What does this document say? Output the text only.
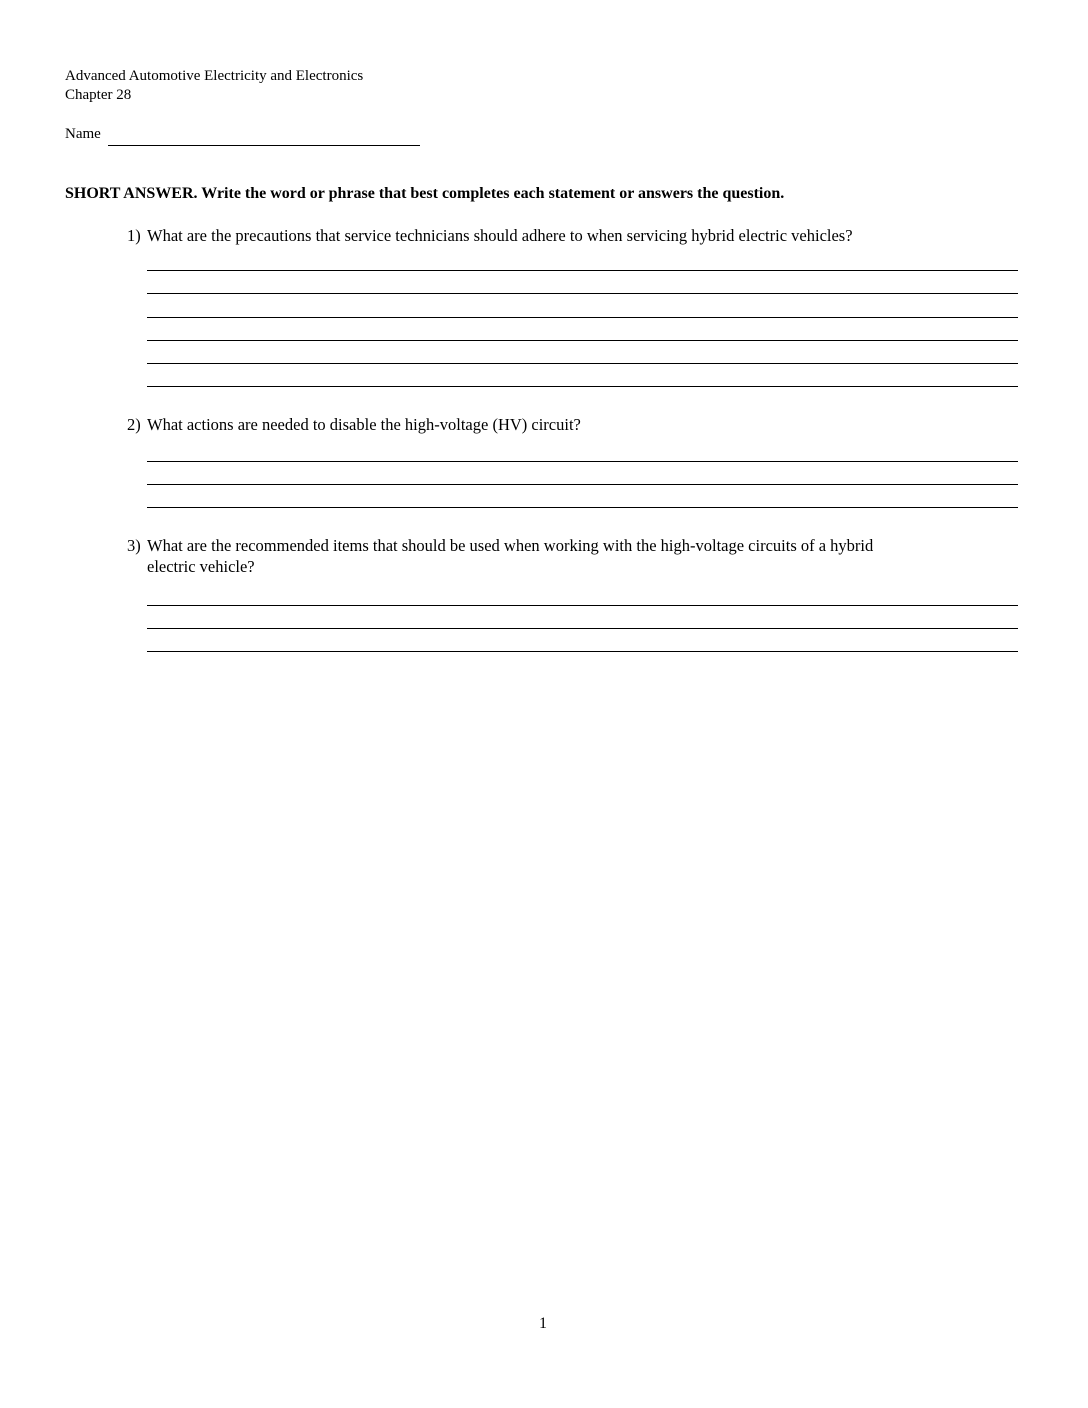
Advanced Automotive Electricity and Electronics
Chapter 28
Name
SHORT ANSWER. Write the word or phrase that best completes each statement or answers the question.
1) What are the precautions that service technicians should adhere to when servicing hybrid electric vehicles?
2) What actions are needed to disable the high-voltage (HV) circuit?
3) What are the recommended items that should be used when working with the high-voltage circuits of a hybrid
electric vehicle?
1
